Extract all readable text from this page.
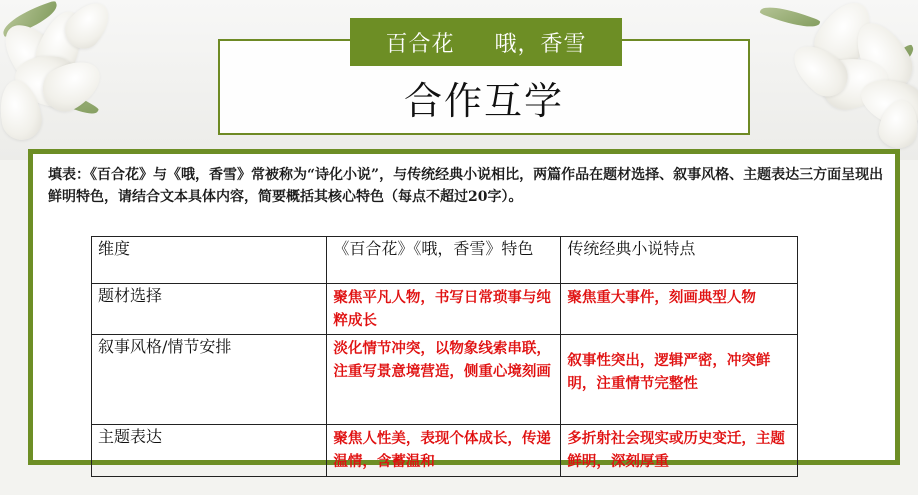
百合花     哦，香雪
合作互学
填表：《百合花》与《哦，香雪》常被称为“诗化小说”，与传统经典小说相比，两篇作品在题材选择、叙事风格、主题表达三方面呈现出鲜明特色，请结合文本具体内容，简要概括其核心特色（每点不超过20字）。
维度	《百合花》《哦，香雪》特色	传统经典小说特点
题材选择	聚焦平凡人物，书写日常琐事与纯粹成长	聚焦重大事件，刻画典型人物
叙事风格/情节安排	淡化情节冲突，以物象线索串联，注重写景意境营造，侧重心境刻画	叙事性突出，逻辑严密，冲突鲜明，注重情节完整性
主题表达	聚焦人性美，表现个体成长，传递温情，含蓄温和	多折射社会现实或历史变迁，主题鲜明，深刻厚重
